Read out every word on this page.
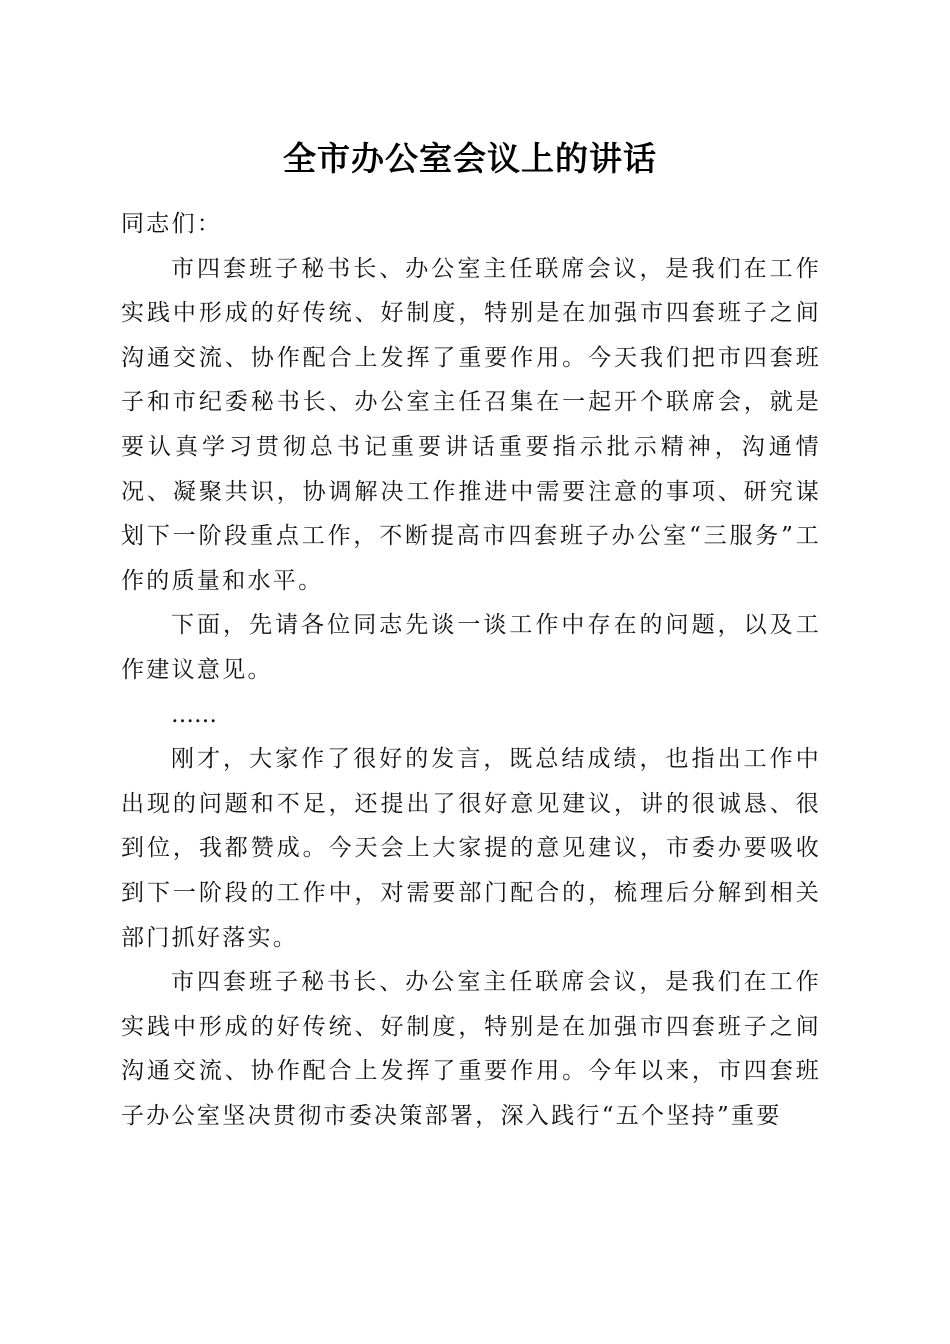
全市办公室会议上的讲话

同志们：

市四套班子秘书长、办公室主任联席会议，是我们在工作实践中形成的好传统、好制度，特别是在加强市四套班子之间沟通交流、协作配合上发挥了重要作用。今天我们把市四套班子和市纪委秘书长、办公室主任召集在一起开个联席会，就是要认真学习贯彻总书记重要讲话重要指示批示精神，沟通情况、凝聚共识，协调解决工作推进中需要注意的事项、研究谋划下一阶段重点工作，不断提高市四套班子办公室“三服务”工作的质量和水平。

下面，先请各位同志先谈一谈工作中存在的问题，以及工作建议意见。

……

刚才，大家作了很好的发言，既总结成绩，也指出工作中出现的问题和不足，还提出了很好意见建议，讲的很诚恳、很到位，我都赞成。今天会上大家提的意见建议，市委办要吸收到下一阶段的工作中，对需要部门配合的，梳理后分解到相关部门抓好落实。

市四套班子秘书长、办公室主任联席会议，是我们在工作实践中形成的好传统、好制度，特别是在加强市四套班子之间沟通交流、协作配合上发挥了重要作用。今年以来，市四套班子办公室坚决贯彻市委决策部署，深入践行“五个坚持”重要
